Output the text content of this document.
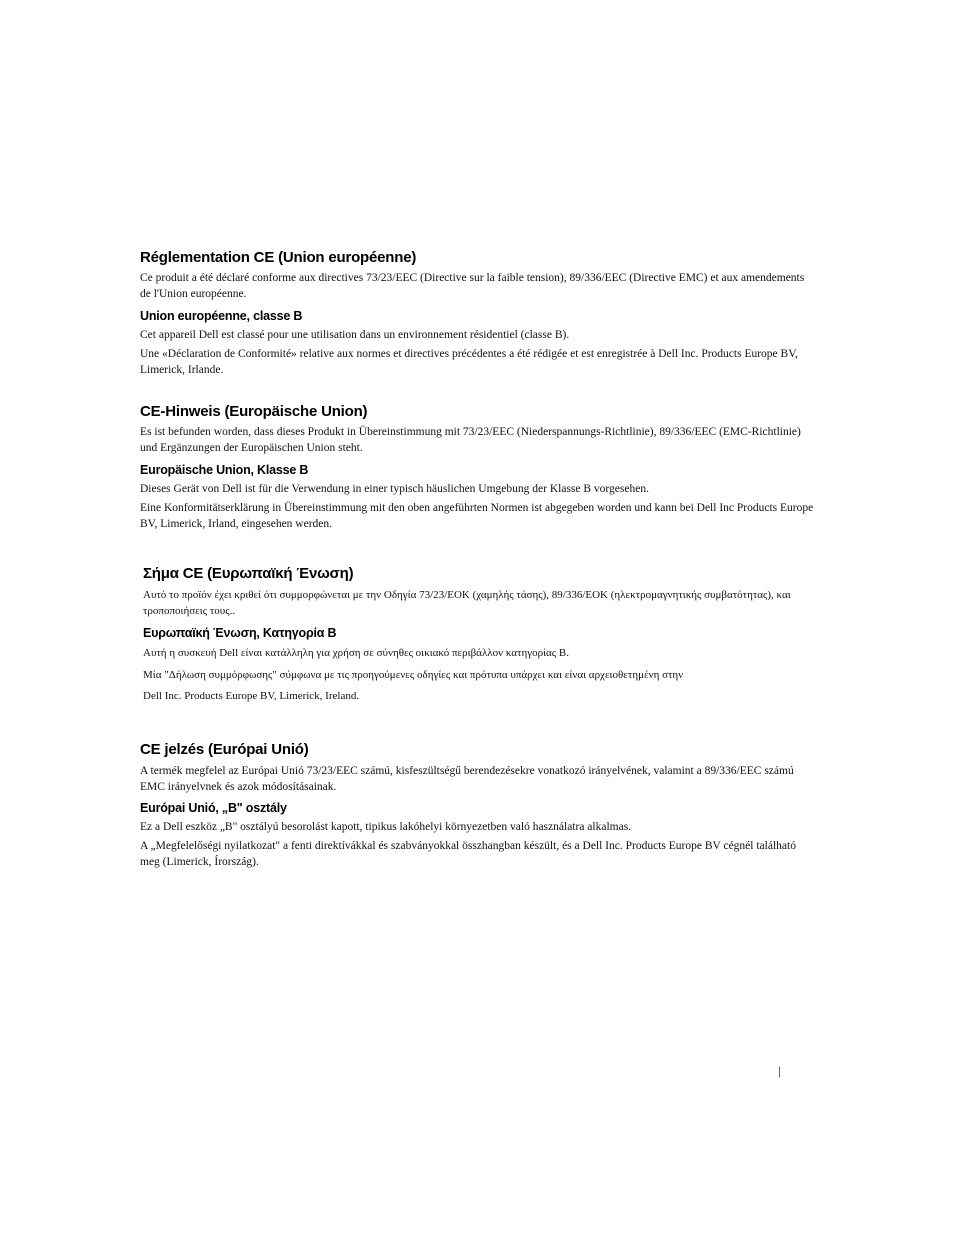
Réglementation CE (Union européenne)

Ce produit a été déclaré conforme aux directives 73/23/EEC (Directive sur la faible tension), 89/336/EEC (Directive EMC) et aux amendements de l'Union européenne.

Union européenne, classe B

Cet appareil Dell est classé pour une utilisation dans un environnement résidentiel (classe B).

Une «Déclaration de Conformité» relative aux normes et directives précédentes a été rédigée et est enregistrée à Dell Inc. Products Europe BV, Limerick, Irlande.

CE-Hinweis (Europäische Union)

Es ist befunden worden, dass dieses Produkt in Übereinstimmung mit 73/23/EEC (Niederspannungs-Richtlinie), 89/336/EEC (EMC-Richtlinie) und Ergänzungen der Europäischen Union steht.

Europäische Union, Klasse B

Dieses Gerät von Dell ist für die Verwendung in einer typisch häuslichen Umgebung der Klasse B vorgesehen.

Eine Konformitätserklärung in Übereinstimmung mit den oben angeführten Normen ist abgegeben worden und kann bei Dell Inc Products Europe BV, Limerick, Irland, eingesehen werden.

Σήμα CE (Ευρωπαϊκή Ένωση)

Αυτό το προϊόν έχει κριθεί ότι συμμορφώνεται με την Οδηγία 73/23/ΕΟΚ (χαμηλής τάσης), 89/336/ΕΟΚ (ηλεκτρομαγνητικής συμβατότητας), και τροποποιήσεις τους..

Ευρωπαϊκή Ένωση, Κατηγορία Β

Αυτή η συσκευή Dell είναι κατάλληλη για χρήση σε σύνηθες οικιακό περιβάλλον κατηγορίας Β.

Μία "Δήλωση συμμόρφωσης" σύμφωνα με τις προηγούμενες οδηγίες και πρότυπα υπάρχει και είναι αρχειοθετημένη στην

Dell Inc. Products Europe BV, Limerick, Ireland.

CE jelzés (Európai Unió)

A termék megfelel az Európai Unió 73/23/EEC számú, kisfeszültségű berendezésekre vonatkozó irányelvének, valamint a 89/336/EEC számú EMC irányelvnek és azok módosításainak.

Európai Unió, „B" osztály

Ez a Dell eszköz „B" osztályú besorolást kapott, tipikus lakóhelyi környezetben való használatra alkalmas.

A „Megfelelőségi nyilatkozat" a fenti direktívákkal és szabványokkal összhangban készült, és a Dell Inc. Products Europe BV cégnél található meg (Limerick, Írország).

|
